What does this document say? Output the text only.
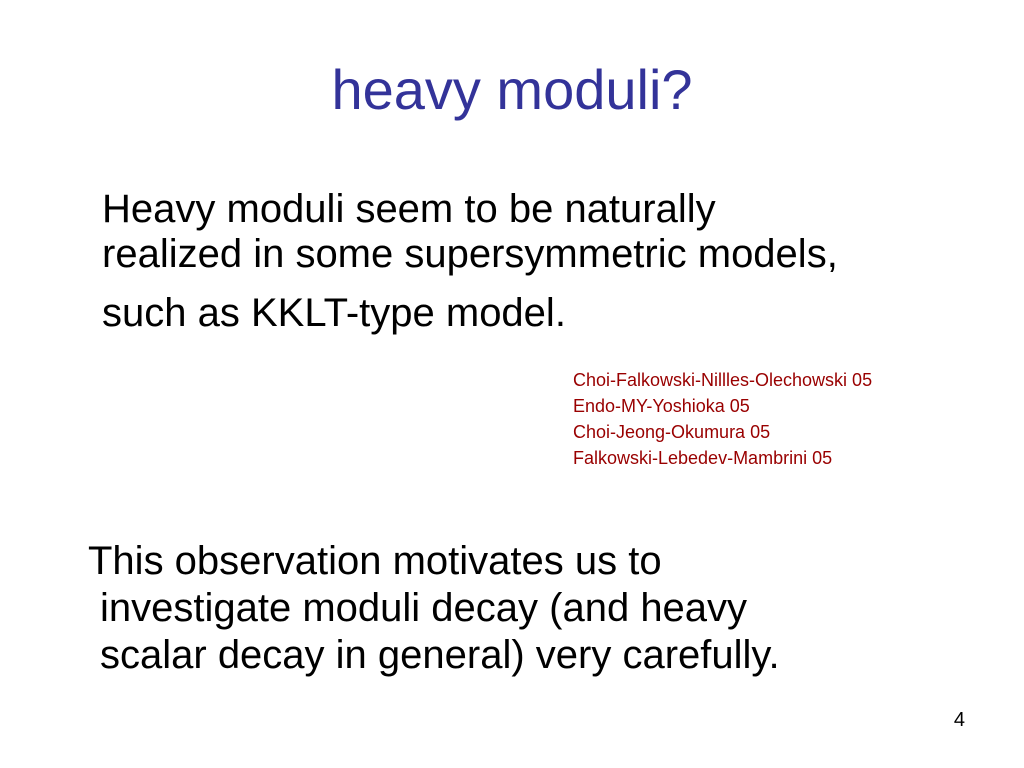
heavy moduli?
Heavy moduli seem to be naturally
realized in some supersymmetric models,
such as KKLT-type model.
Choi-Falkowski-Nillles-Olechowski 05
Endo-MY-Yoshioka 05
Choi-Jeong-Okumura 05
Falkowski-Lebedev-Mambrini 05
This observation motivates us to
investigate moduli decay (and heavy
scalar decay in general) very carefully.
4
